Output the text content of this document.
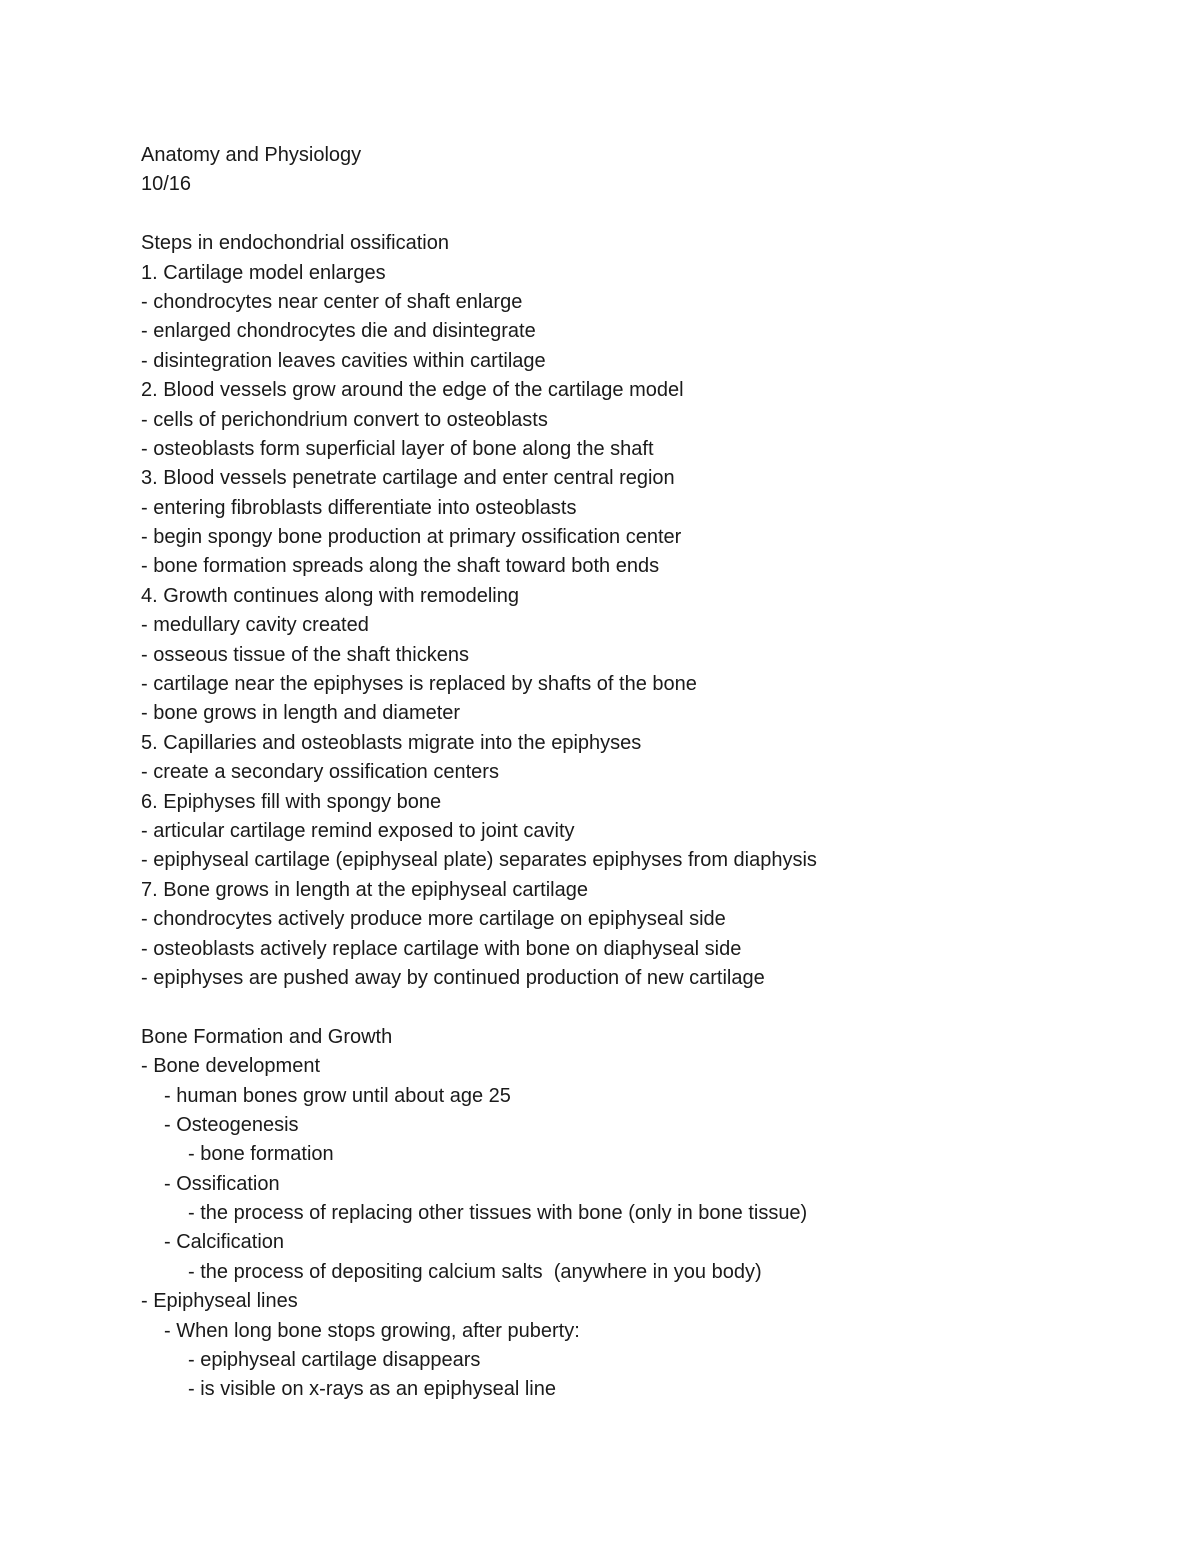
Anatomy and Physiology
10/16
Steps in endochondrial ossification
1. Cartilage model enlarges
- chondrocytes near center of shaft enlarge
- enlarged chondrocytes die and disintegrate
- disintegration leaves cavities within cartilage
2. Blood vessels grow around the edge of the cartilage model
- cells of perichondrium convert to osteoblasts
- osteoblasts form superficial layer of bone along the shaft
3. Blood vessels penetrate cartilage and enter central region
- entering fibroblasts differentiate into osteoblasts
- begin spongy bone production at primary ossification center
- bone formation spreads along the shaft toward both ends
4. Growth continues along with remodeling
- medullary cavity created
- osseous tissue of the shaft thickens
- cartilage near the epiphyses is replaced by shafts of the bone
- bone grows in length and diameter
5. Capillaries and osteoblasts migrate into the epiphyses
- create a secondary ossification centers
6. Epiphyses fill with spongy bone
- articular cartilage remind exposed to joint cavity
- epiphyseal cartilage (epiphyseal plate) separates epiphyses from diaphysis
7. Bone grows in length at the epiphyseal cartilage
- chondrocytes actively produce more cartilage on epiphyseal side
- osteoblasts actively replace cartilage with bone on diaphyseal side
- epiphyses are pushed away by continued production of new cartilage
Bone Formation and Growth
- Bone development
- human bones grow until about age 25
- Osteogenesis
- bone formation
- Ossification
- the process of replacing other tissues with bone (only in bone tissue)
- Calcification
- the process of depositing calcium salts  (anywhere in you body)
- Epiphyseal lines
- When long bone stops growing, after puberty:
- epiphyseal cartilage disappears
- is visible on x-rays as an epiphyseal line
